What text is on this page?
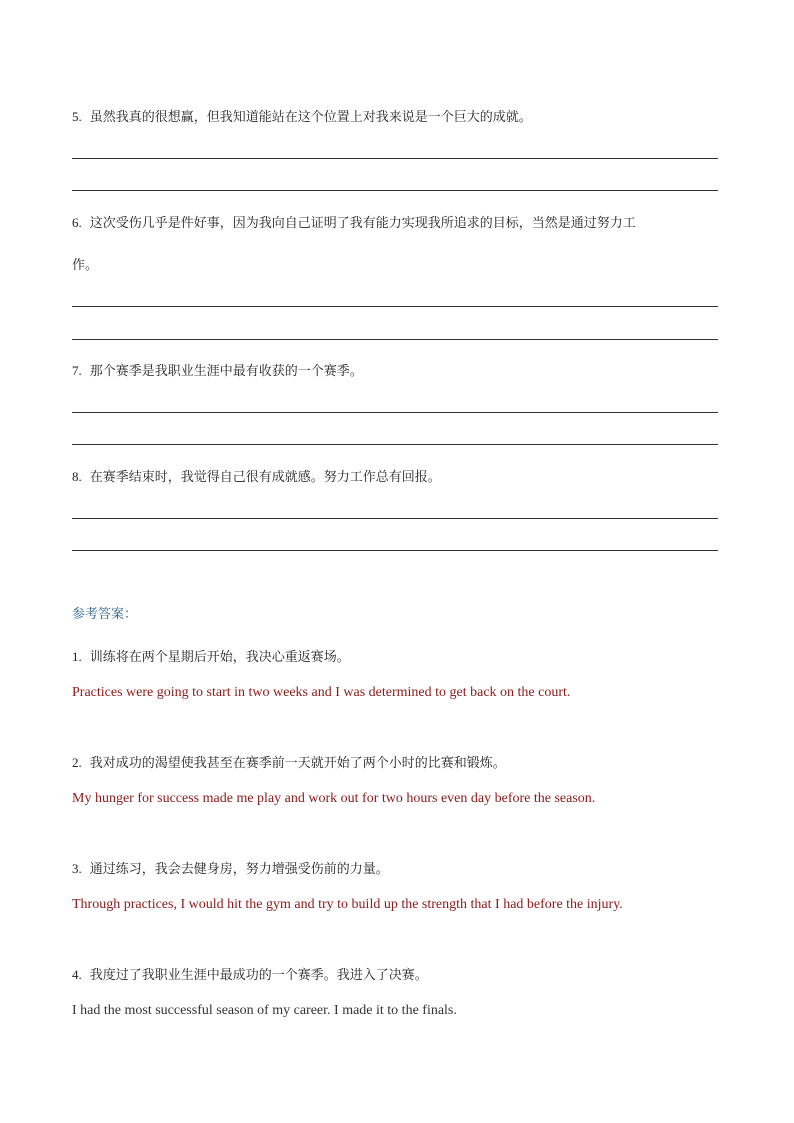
5. 虽然我真的很想赢，但我知道能站在这个位置上对我来说是一个巨大的成就。
6. 这次受伤几乎是件好事，因为我向自己证明了我有能力实现我所追求的目标，当然是通过努力工
作。
7. 那个赛季是我职业生涯中最有收获的一个赛季。
8. 在赛季结束时，我觉得自己很有成就感。努力工作总有回报。
参考答案：
1. 训练将在两个星期后开始，我决心重返赛场。
Practices were going to start in two weeks and I was determined to get back on the court.
2. 我对成功的渴望使我甚至在赛季前一天就开始了两个小时的比赛和锻炼。
My hunger for success made me play and work out for two hours even day before the season.
3. 通过练习，我会去健身房，努力增强受伤前的力量。
Through practices, I would hit the gym and try to build up the strength that I had before the injury.
4. 我度过了我职业生涯中最成功的一个赛季。我进入了决赛。
I had the most successful season of my career. I made it to the finals.
